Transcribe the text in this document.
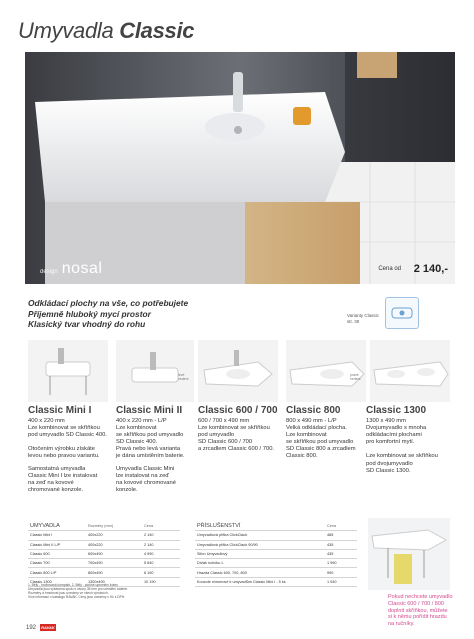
Umyvadla Classic
design nosal	Cena od 2 140,-
Odkládací plochy na vše, co potřebujete
Příjemně hluboký mycí prostor
Klasický tvar vhodný do rohu
Varianty Classic
str. 30
levé
vedení
pravé
vedení
Classic Mini I
400 x 220 mm
Lze kombinovat se skříňkou
pod umyvadlo SD Classic 400.

Otočením výrobku získáte
levou nebo pravou variantu.
Samostatná umyvadla
Classic Mini I lze instalovat
na zeď na kovové
chromované konzole.
Classic Mini II
400 x 220 mm - L/P
Lze kombinovat
se skříňkou pod umyvadlo
SD Classic 400.
Pravá nebo levá varianta
je dána umístěním baterie.
Umyvadla Classic Mini
lze instalovat na zeď
na kovové chromované
konzole.
Classic 600 / 700
600 / 700 x 490 mm
Lze kombinovat se skříňkou
pod umyvadlo
SD Classic 600 / 700
a zrcadlem Classic 600 / 700.
Classic 800
800 x 490 mm - L/P
Velká odkládací plocha.
Lze kombinovat
se skříňkou pod umyvadlo
SD Classic 800 a zrcadlem
Classic 800.
Classic 1300
1300 x 490 mm
Dvojumyvadlo s mnoha
odkládacími plochami
pro komfortní mytí.

Lze kombinovat se skříňkou
pod dvojumyvadlo
SD Classic 1300.
UMYVADLA	Rozměry (mm)	Cena
Classic Mini I	400x220	2 140
Classic Mini II L/P	400x220	2 140
Classic 600	600x490	4 990
Classic 700	700x490	5 640
Classic 800 L/P	800x490	6 190
Classic 1300	1300x490	10 190
PŘÍSLUŠENSTVÍ	Cena
Umyvadlová přítka ClickClack	485
Umyvadlová přítka ClickClack 90/90	435
Sifon Umyvadlový	435
Držák ručníku L	1 990
Hrazda Classic 600, 700, 800	990
Konzole chromové k umyvadlům Classic Mini I - 5 ks	1 040
Pokud nechcete umyvadlo
Classic 600 / 700 / 800
doplnit skříňkou, můžete
si k němu pořídit hrazdu
na ručníky.
1. Bělý - hrubovaná kompakt, 2. Bělý - plošné upevnění kotev.
Umyvadla jsou vybavena spolu s otvory 35 mm pro umístění baterie.
Rozměry a hmotnost jsou uvedeny ve všech výrobcích.
Více informací v katalogu RAVAK. Ceny jsou uvedeny v Kč s DPH.
192 RAVAK
